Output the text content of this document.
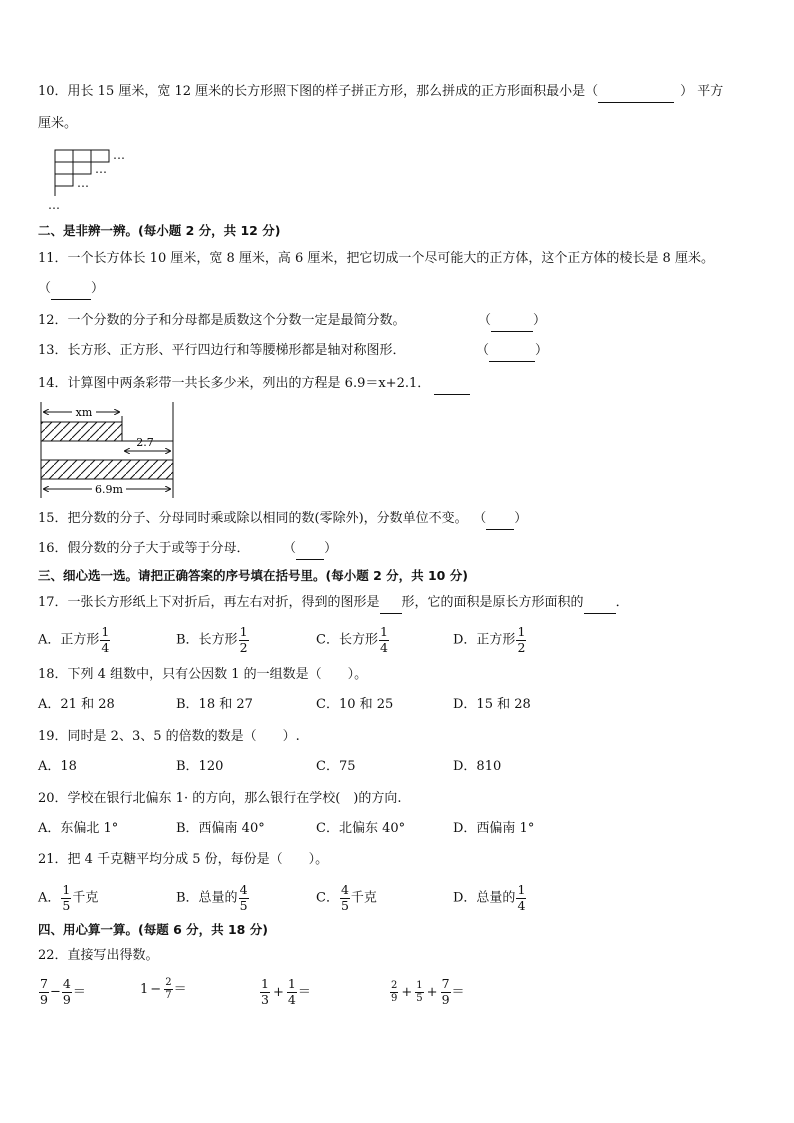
10．用长 15 厘米，宽 12 厘米的长方形照下图的样子拼正方形，那么拼成的正方形面积最小是（	） 平方
厘米。
…
…
…
…
二、是非辨一辨。(每小题 2 分，共 12 分)
11．一个长方体长 10 厘米，宽 8 厘米，高 6 厘米，把它切成一个尽可能大的正方体，这个正方体的棱长是 8 厘米。
（	）
12．一个分数的分子和分母都是质数这个分数一定是最简分数。	（	）
13．长方形、正方形、平行四边行和等腰梯形都是轴对称图形．	（	）
14．计算图中两条彩带一共长多少米，列出的方程是 6.9＝x+2.1．
xm
2.7
6.9m
15．把分数的分子、分母同时乘或除以相同的数(零除外)，分数单位不变。 （ ）
16．假分数的分子大于或等于分母．	（ ）
三、细心选一选。请把正确答案的序号填在括号里。(每小题 2 分，共 10 分)
17．一张长方形纸上下对折后，再左右对折，得到的图形是 形，它的面积是原长方形面积的 ．
A．正方形 $\frac{1}{4}$	B．长方形 $\frac{1}{2}$	C．长方形 $\frac{1}{4}$	D．正方形 $\frac{1}{2}$
18．下列 4 组数中，只有公因数 1 的一组数是（　　）。
A．21 和 28	B．18 和 27	C．10 和 25	D．15 和 28
19．同时是 2、3、5 的倍数的数是（　　）.
A．18	B．120	C．75	D．810
20．学校在银行北偏东 1· 的方向，那么银行在学校(　)的方向.
A．东偏北 1°	B．西偏南 40°	C．北偏东 40°	D．西偏南 1°
21．把 4 千克糖平均分成 5 份，每份是（　　）。
A． $\frac{1}{5}$ 千克	B．总量的 $\frac{4}{5}$	C． $\frac{4}{5}$ 千克	D．总量的 $\frac{1}{4}$
四、用心算一算。(每题 6 分，共 18 分)
22．直接写出得数。
$\frac{7}{9} - \frac{4}{9}$ ＝	$1 - \frac{2}{7}$ ＝	$\frac{1}{3} + \frac{1}{4}$ ＝	$\frac{2}{9} + \frac{1}{5} + \frac{7}{9}$ ＝
